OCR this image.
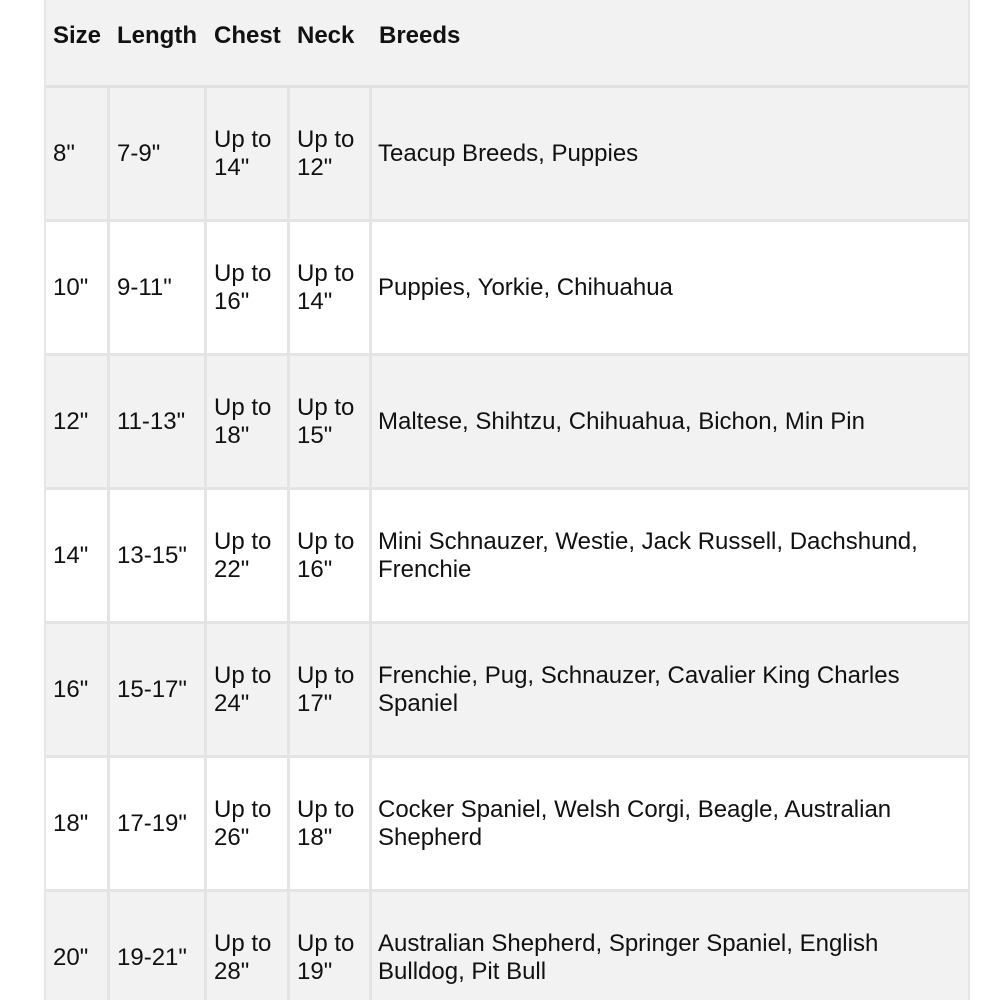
Size	Length	Chest	Neck	Breeds
8"	7-9"	Up to 14"	Up to 12"	Teacup Breeds, Puppies
10"	9-11"	Up to 16"	Up to 14"	Puppies, Yorkie, Chihuahua
12"	11-13"	Up to 18"	Up to 15"	Maltese, Shihtzu, Chihuahua, Bichon, Min Pin
14"	13-15"	Up to 22"	Up to 16"	Mini Schnauzer, Westie, Jack Russell, Dachshund, Frenchie
16"	15-17"	Up to 24"	Up to 17"	Frenchie, Pug, Schnauzer, Cavalier King Charles Spaniel
18"	17-19"	Up to 26"	Up to 18"	Cocker Spaniel, Welsh Corgi, Beagle, Australian Shepherd
20"	19-21"	Up to 28"	Up to 19"	Australian Shepherd, Springer Spaniel, English Bulldog, Pit Bull
